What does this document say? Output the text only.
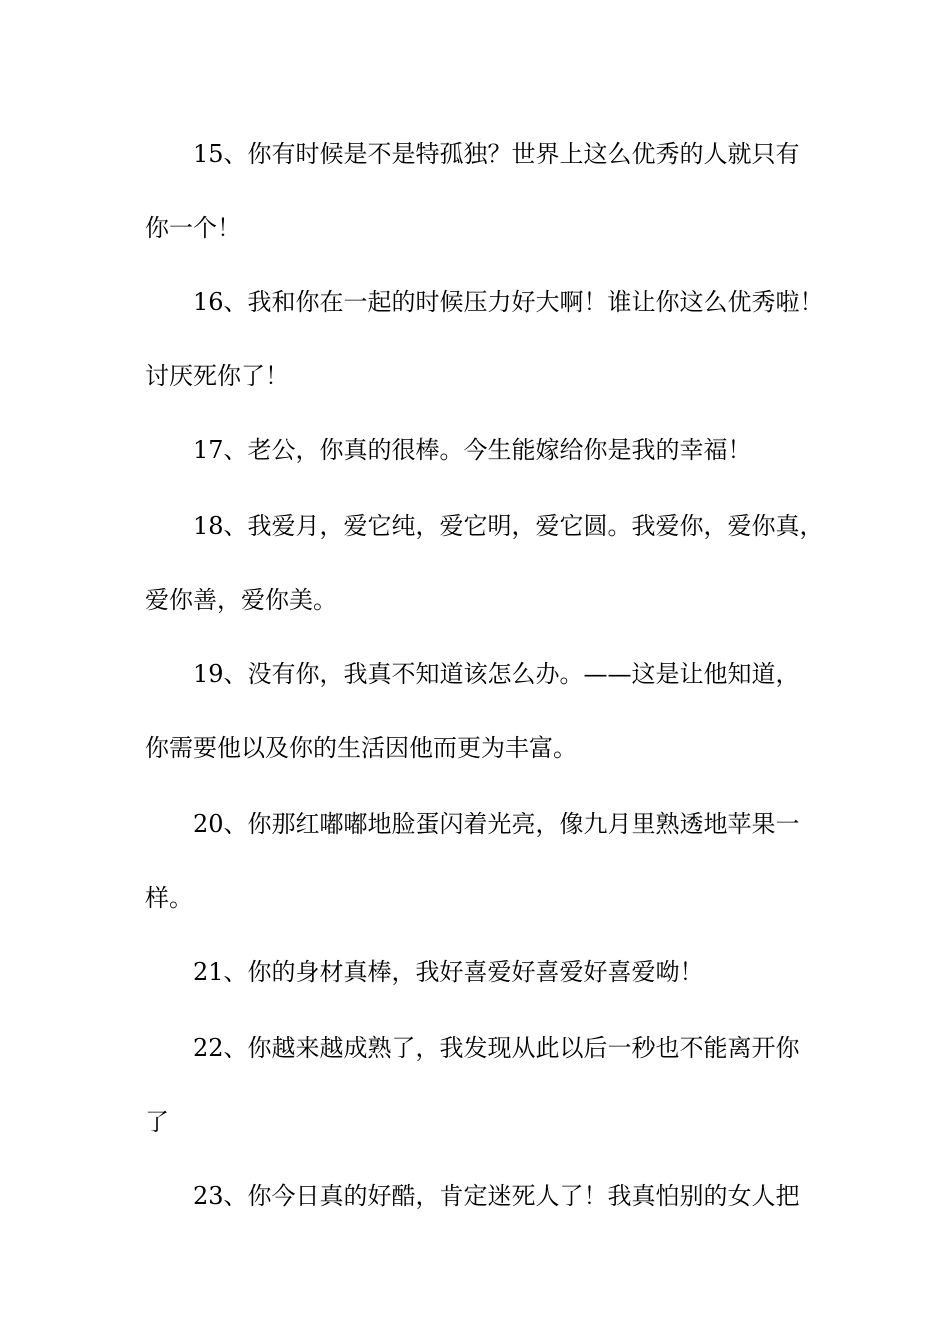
15、你有时候是不是特孤独？世界上这么优秀的人就只有
你一个！
16、我和你在一起的时候压力好大啊！谁让你这么优秀啦！
讨厌死你了！
17、老公，你真的很棒。今生能嫁给你是我的幸福！
18、我爱月，爱它纯，爱它明，爱它圆。我爱你，爱你真，
爱你善，爱你美。
19、没有你，我真不知道该怎么办。——这是让他知道，
你需要他以及你的生活因他而更为丰富。
20、你那红嘟嘟地脸蛋闪着光亮，像九月里熟透地苹果一
样。
21、你的身材真棒，我好喜爱好喜爱好喜爱呦！
22、你越来越成熟了，我发现从此以后一秒也不能离开你
了
23、你今日真的好酷，肯定迷死人了！我真怕别的女人把
